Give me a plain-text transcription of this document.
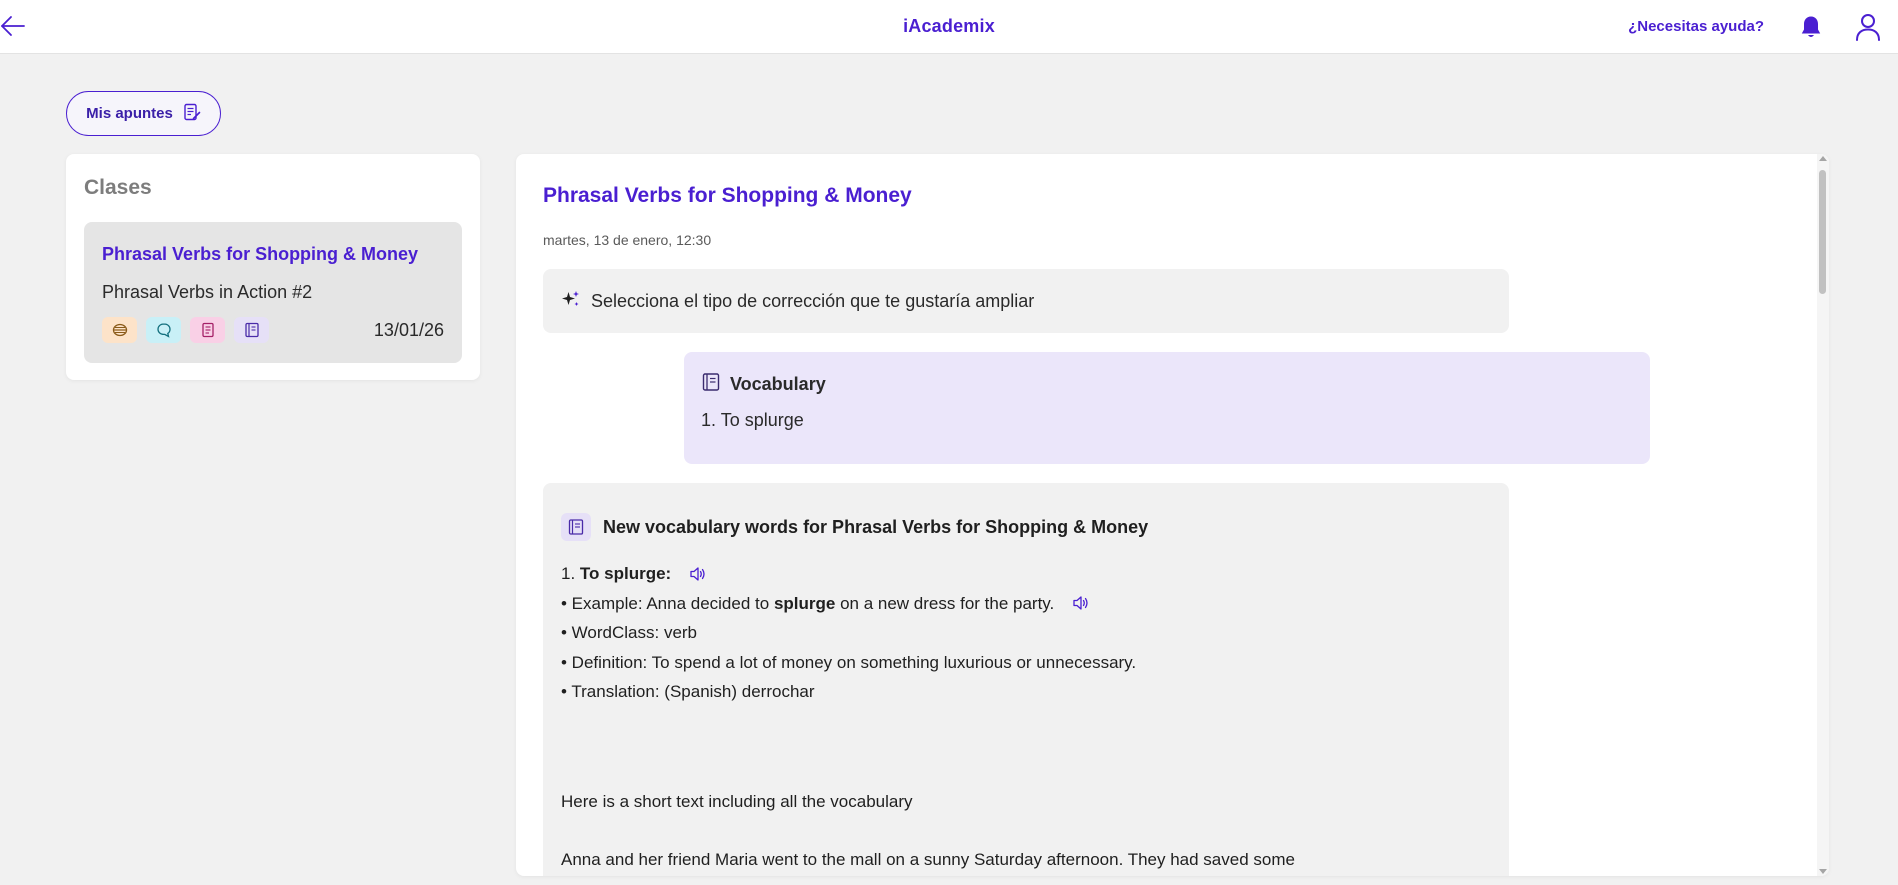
iAcademix	¿Necesitas ayuda?
Mis apuntes
Clases
Phrasal Verbs for Shopping & Money
Phrasal Verbs in Action #2
13/01/26
Phrasal Verbs for Shopping & Money
martes, 13 de enero, 12:30
Selecciona el tipo de corrección que te gustaría ampliar
Vocabulary
1. To splurge
New vocabulary words for Phrasal Verbs for Shopping & Money
1.
To splurge:
• Example: Anna decided to
splurge
on a new dress for the party.
• WordClass: verb
• Definition: To spend a lot of money on something luxurious or unnecessary.
• Translation: (Spanish) derrochar
Here is a short text including all the vocabulary
Anna and her friend Maria went to the mall on a sunny Saturday afternoon. They had saved some
